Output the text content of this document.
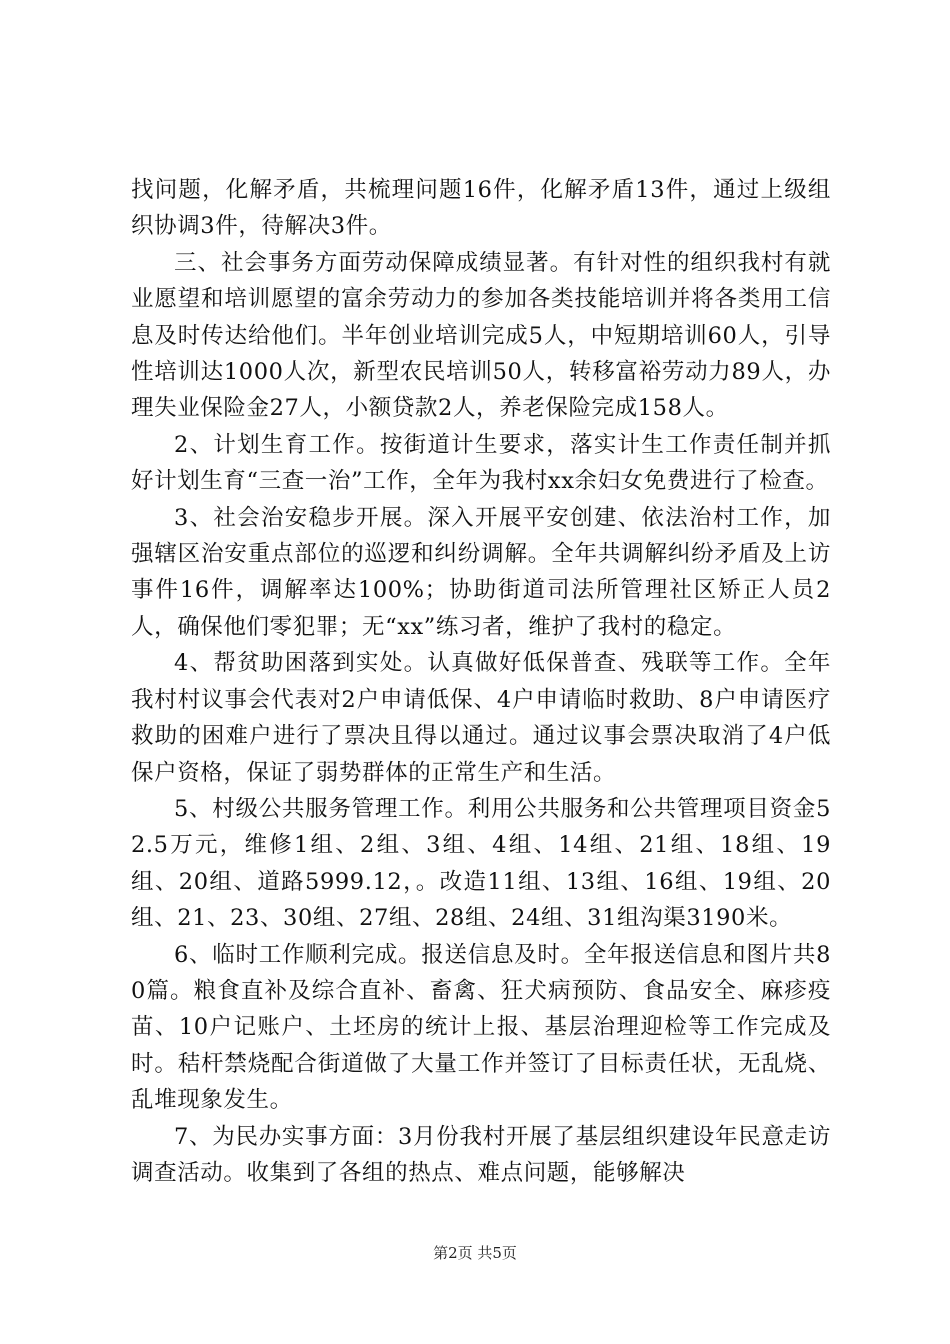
找问题，化解矛盾，共梳理问题16件，化解矛盾13件，通过上级组织协调3件，待解决3件。

三、社会事务方面劳动保障成绩显著。有针对性的组织我村有就业愿望和培训愿望的富余劳动力的参加各类技能培训并将各类用工信息及时传达给他们。半年创业培训完成5人，中短期培训60人，引导性培训达1000人次，新型农民培训50人，转移富裕劳动力89人，办理失业保险金27人，小额贷款2人，养老保险完成158人。

2、计划生育工作。按街道计生要求，落实计生工作责任制并抓好计划生育“三查一治”工作，全年为我村xx余妇女免费进行了检查。

3、社会治安稳步开展。深入开展平安创建、依法治村工作，加强辖区治安重点部位的巡逻和纠纷调解。全年共调解纠纷矛盾及上访事件16件，调解率达100%；协助街道司法所管理社区矫正人员2人，确保他们零犯罪；无“xx”练习者，维护了我村的稳定。

4、帮贫助困落到实处。认真做好低保普查、残联等工作。全年我村村议事会代表对2户申请低保、4户申请临时救助、8户申请医疗救助的困难户进行了票决且得以通过。通过议事会票决取消了4户低保户资格，保证了弱势群体的正常生产和生活。

5、村级公共服务管理工作。利用公共服务和公共管理项目资金52.5万元，维修1组、2组、3组、4组、14组、21组、18组、19组、20组、道路5999.12，。改造11组、13组、16组、19组、20组、21、23、30组、27组、28组、24组、31组沟渠3190米。

6、临时工作顺利完成。报送信息及时。全年报送信息和图片共80篇。粮食直补及综合直补、畜禽、狂犬病预防、食品安全、麻疹疫苗、10户记账户、土坯房的统计上报、基层治理迎检等工作完成及时。秸杆禁烧配合街道做了大量工作并签订了目标责任状，无乱烧、乱堆现象发生。

7、为民办实事方面：3月份我村开展了基层组织建设年民意走访调查活动。收集到了各组的热点、难点问题，能够解决

第2页 共5页
